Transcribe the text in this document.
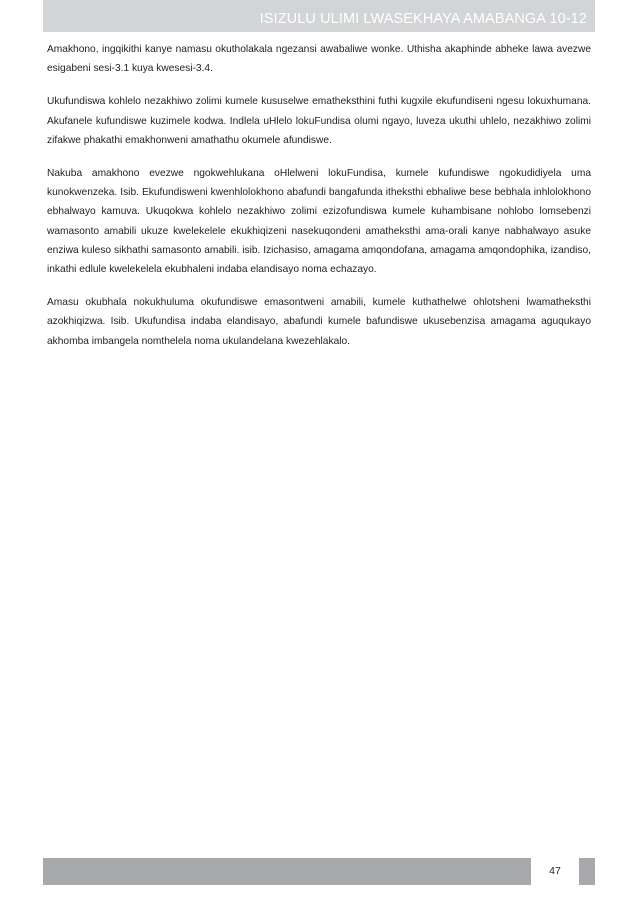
ISIZULU ULIMI LWASEKHAYA AMABANGA 10-12

Amakhono, ingqikithi kanye namasu okutholakala ngezansi awabaliwe wonke. Uthisha akaphinde abheke lawa avezwe esigabeni sesi-3.1 kuya kwesesi-3.4.

Ukufundiswa kohlelo nezakhiwo zolimi kumele kususelwe ematheksthini futhi kugxile ekufundiseni ngesu lokuxhumana. Akufanele kufundiswe kuzimele kodwa. Indlela uHlelo lokuFundisa olumi ngayo, luveza ukuthi uhlelo, nezakhiwo zolimi zifakwe phakathi emakhonweni amathathu okumele afundiswe.

Nakuba amakhono evezwe ngokwehlukana oHlelweni lokuFundisa, kumele kufundiswe ngokudidiyela uma kunokwenzeka. Isib. Ekufundisweni kwenhlolokhono abafundi bangafunda itheksthi ebhaliwe bese bebhala inhlolokhono ebhalwayo kamuva. Ukuqokwa kohlelo nezakhiwo zolimi ezizofundiswa kumele kuhambisane nohlobo lomsebenzi wamasonto amabili ukuze kwelekelele ekukhiqizeni nasekuqondeni amatheksthi ama-orali kanye nabhalwayo asuke enziwa kuleso sikhathi samasonto amabili. isib. Izichasiso, amagama amqondofana, amagama amqondophika, izandiso, inkathi edlule kwelekelela ekubhaleni indaba elandisayo noma echazayo.

Amasu okubhala nokukhuluma okufundiswe emasontweni amabili, kumele kuthathelwe ohlotsheni lwamatheksthi azokhiqizwa. Isib. Ukufundisa indaba elandisayo, abafundi kumele bafundiswe ukusebenzisa amagama aguqukayo akhomba imbangela nomthelela noma ukulandelana kwezehlakalo.

47
